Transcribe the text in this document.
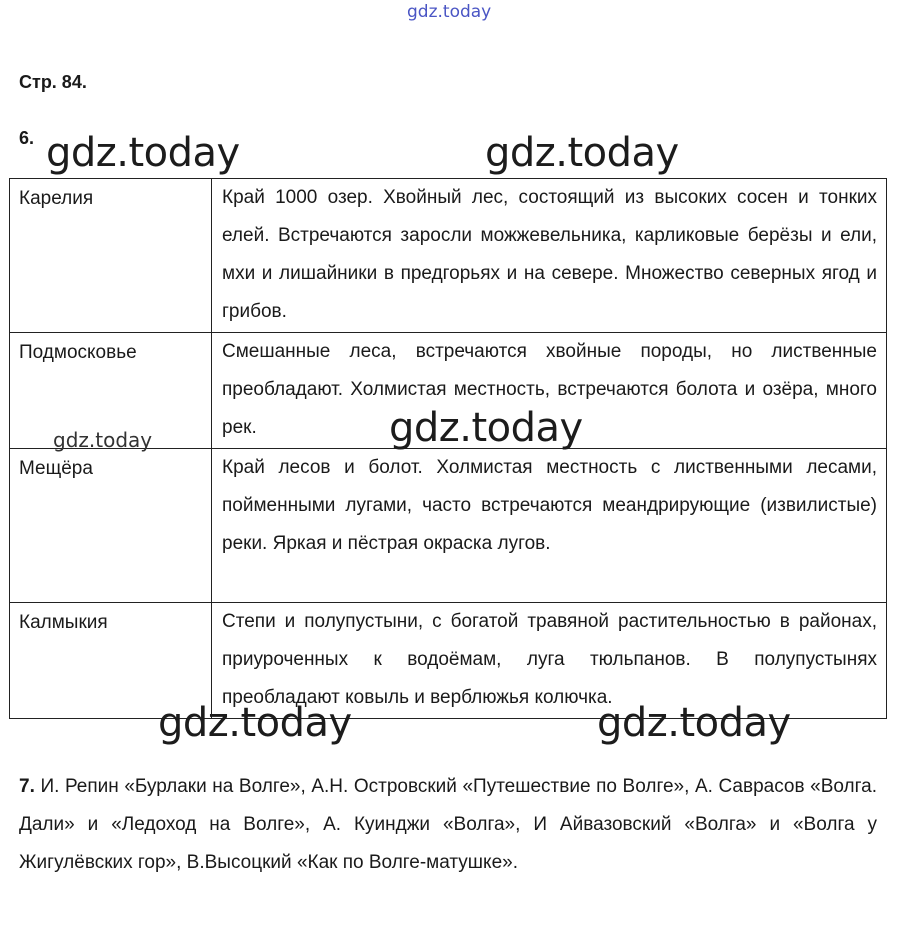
gdz.today
Стр. 84.
6. gdz.today	gdz.today
Карелия	Край 1000 озер. Хвойный лес, состоящий из высоких сосен и тонких елей. Встречаются заросли можжевельника, карликовые берёзы и ели, мхи и лишайники в предгорьях и на севере. Множество северных ягод и грибов.
Подмосковье	Смешанные леса, встречаются хвойные породы, но лиственные преобладают. Холмистая местность, встречаются болота и озёра, много рек.
Мещёра	Край лесов и болот. Холмистая местность с лиственными лесами, пойменными лугами, часто встречаются меандрирующие (извилистые) реки. Яркая и пёстрая окраска лугов.
Калмыкия	Степи и полупустыни, с богатой травяной растительностью в районах, приуроченных к водоёмам, луга тюльпанов. В полупустынях преобладают ковыль и верблюжья колючка.
gdz.today	gdz.today
gdz.today	gdz.today
7. И. Репин «Бурлаки на Волге», А.Н. Островский «Путешествие по Волге», А. Саврасов «Волга. Дали» и «Ледоход на Волге», А. Куинджи «Волга», И Айвазовский «Волга» и «Волга у Жигулёвских гор», В.Высоцкий «Как по Волге-матушке».
